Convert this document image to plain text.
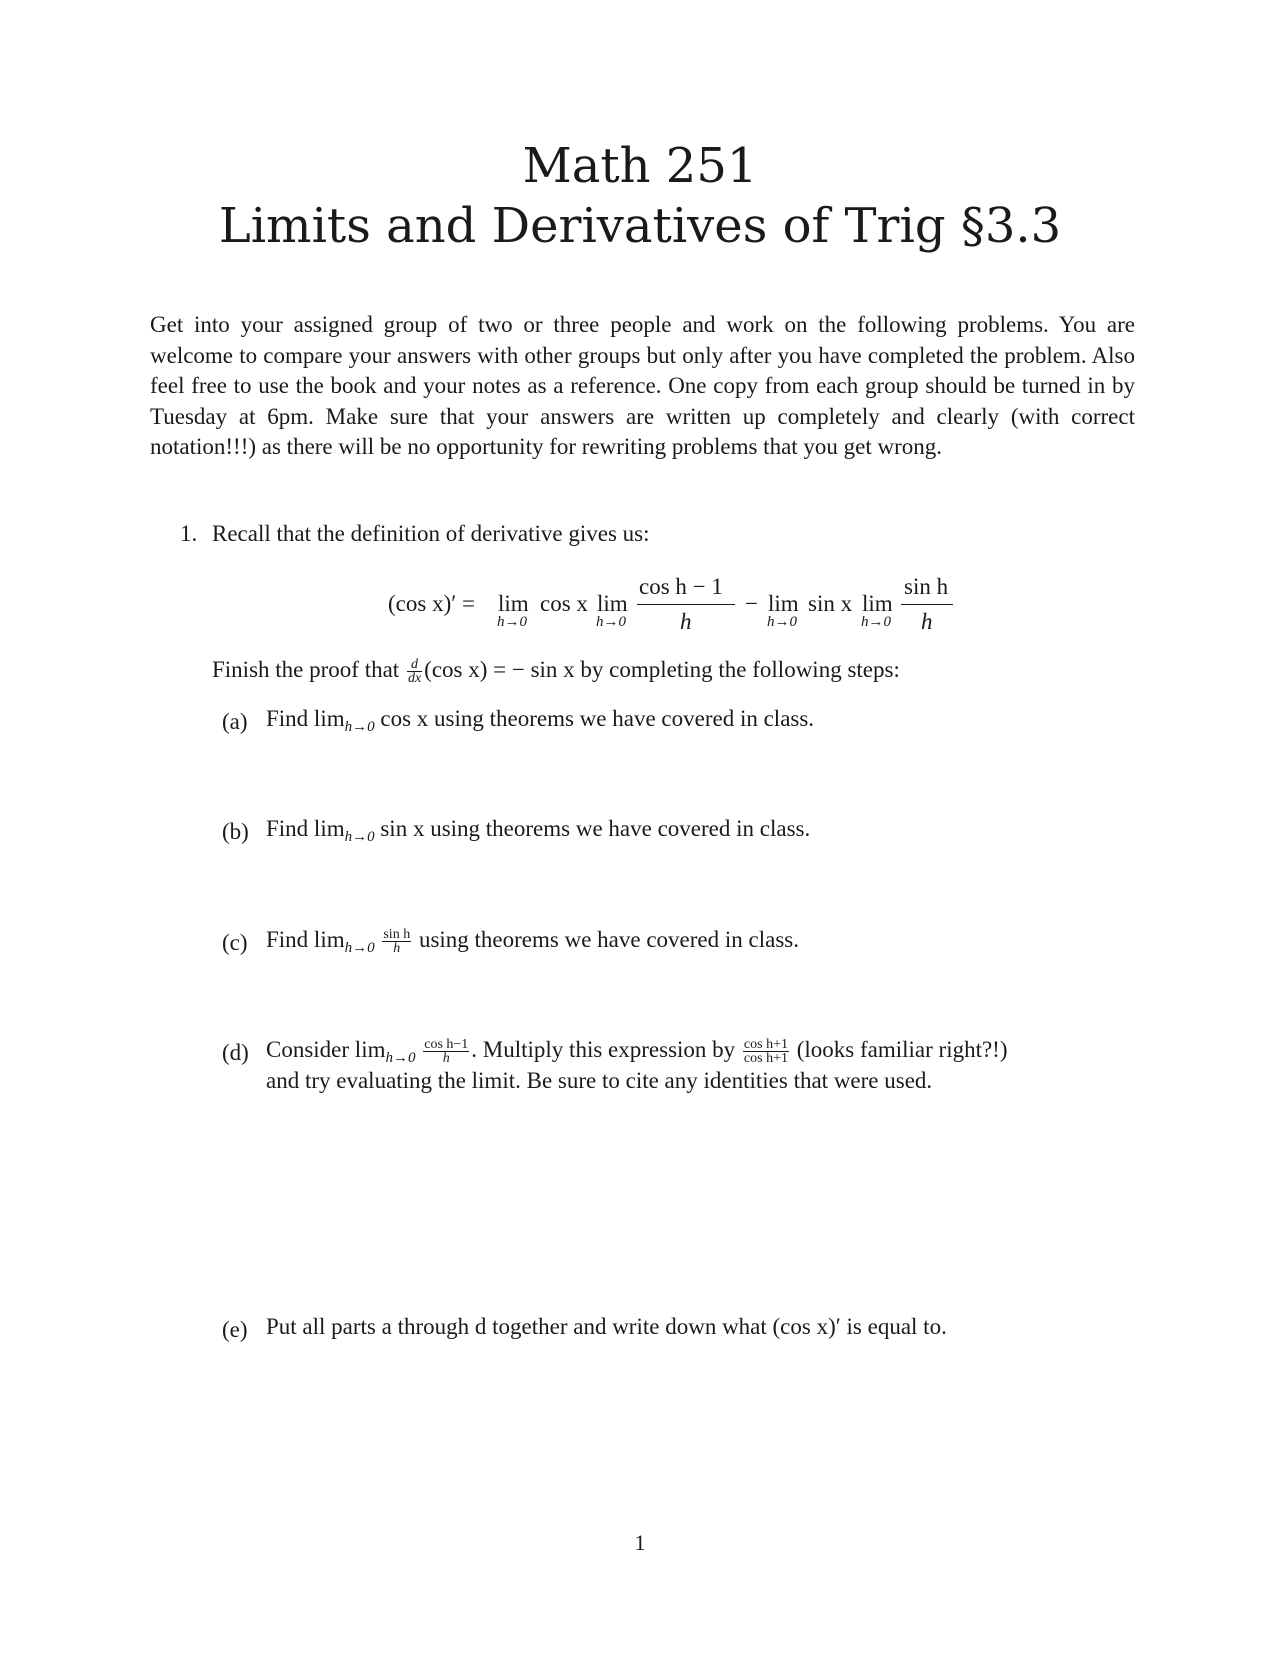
Math 251
Limits and Derivatives of Trig §3.3
Get into your assigned group of two or three people and work on the following problems. You are welcome to compare your answers with other groups but only after you have completed the problem. Also feel free to use the book and your notes as a reference. One copy from each group should be turned in by Tuesday at 6pm. Make sure that your answers are written up completely and clearly (with correct notation!!!) as there will be no opportunity for rewriting problems that you get wrong.
1. Recall that the definition of derivative gives us:
(cos x)′ = lim
h→0
cos x lim
h→0
cos h − 1
h
− lim
h→0
sin x lim
h→0
sin h
h
Finish the proof that $\frac{d}{dx} (\cos$ x) = − sin x by completing the following steps:
(a) Find $\lim_{h\to 0} \cos x$ using theorems we have covered in class.
(b) Find $\lim_{h\to 0} \sin x$ using theorems we have covered in class.
(c) Find $\lim_{h\to 0} \frac{\text{sin h}}{h}$ using theorems we have covered in class.
(d) Consider $\lim_{h\to 0} \frac{\text{cos h−1}}{h}$ . Multiply this expression by $\frac{\text{cos h+1}}{\text{cos h+1}}$ (looks familiar right?!)
and try evaluating the limit. Be sure to cite any identities that were used.
(e) Put all parts a through d together and write down what (cos x)′ is equal to.
1
